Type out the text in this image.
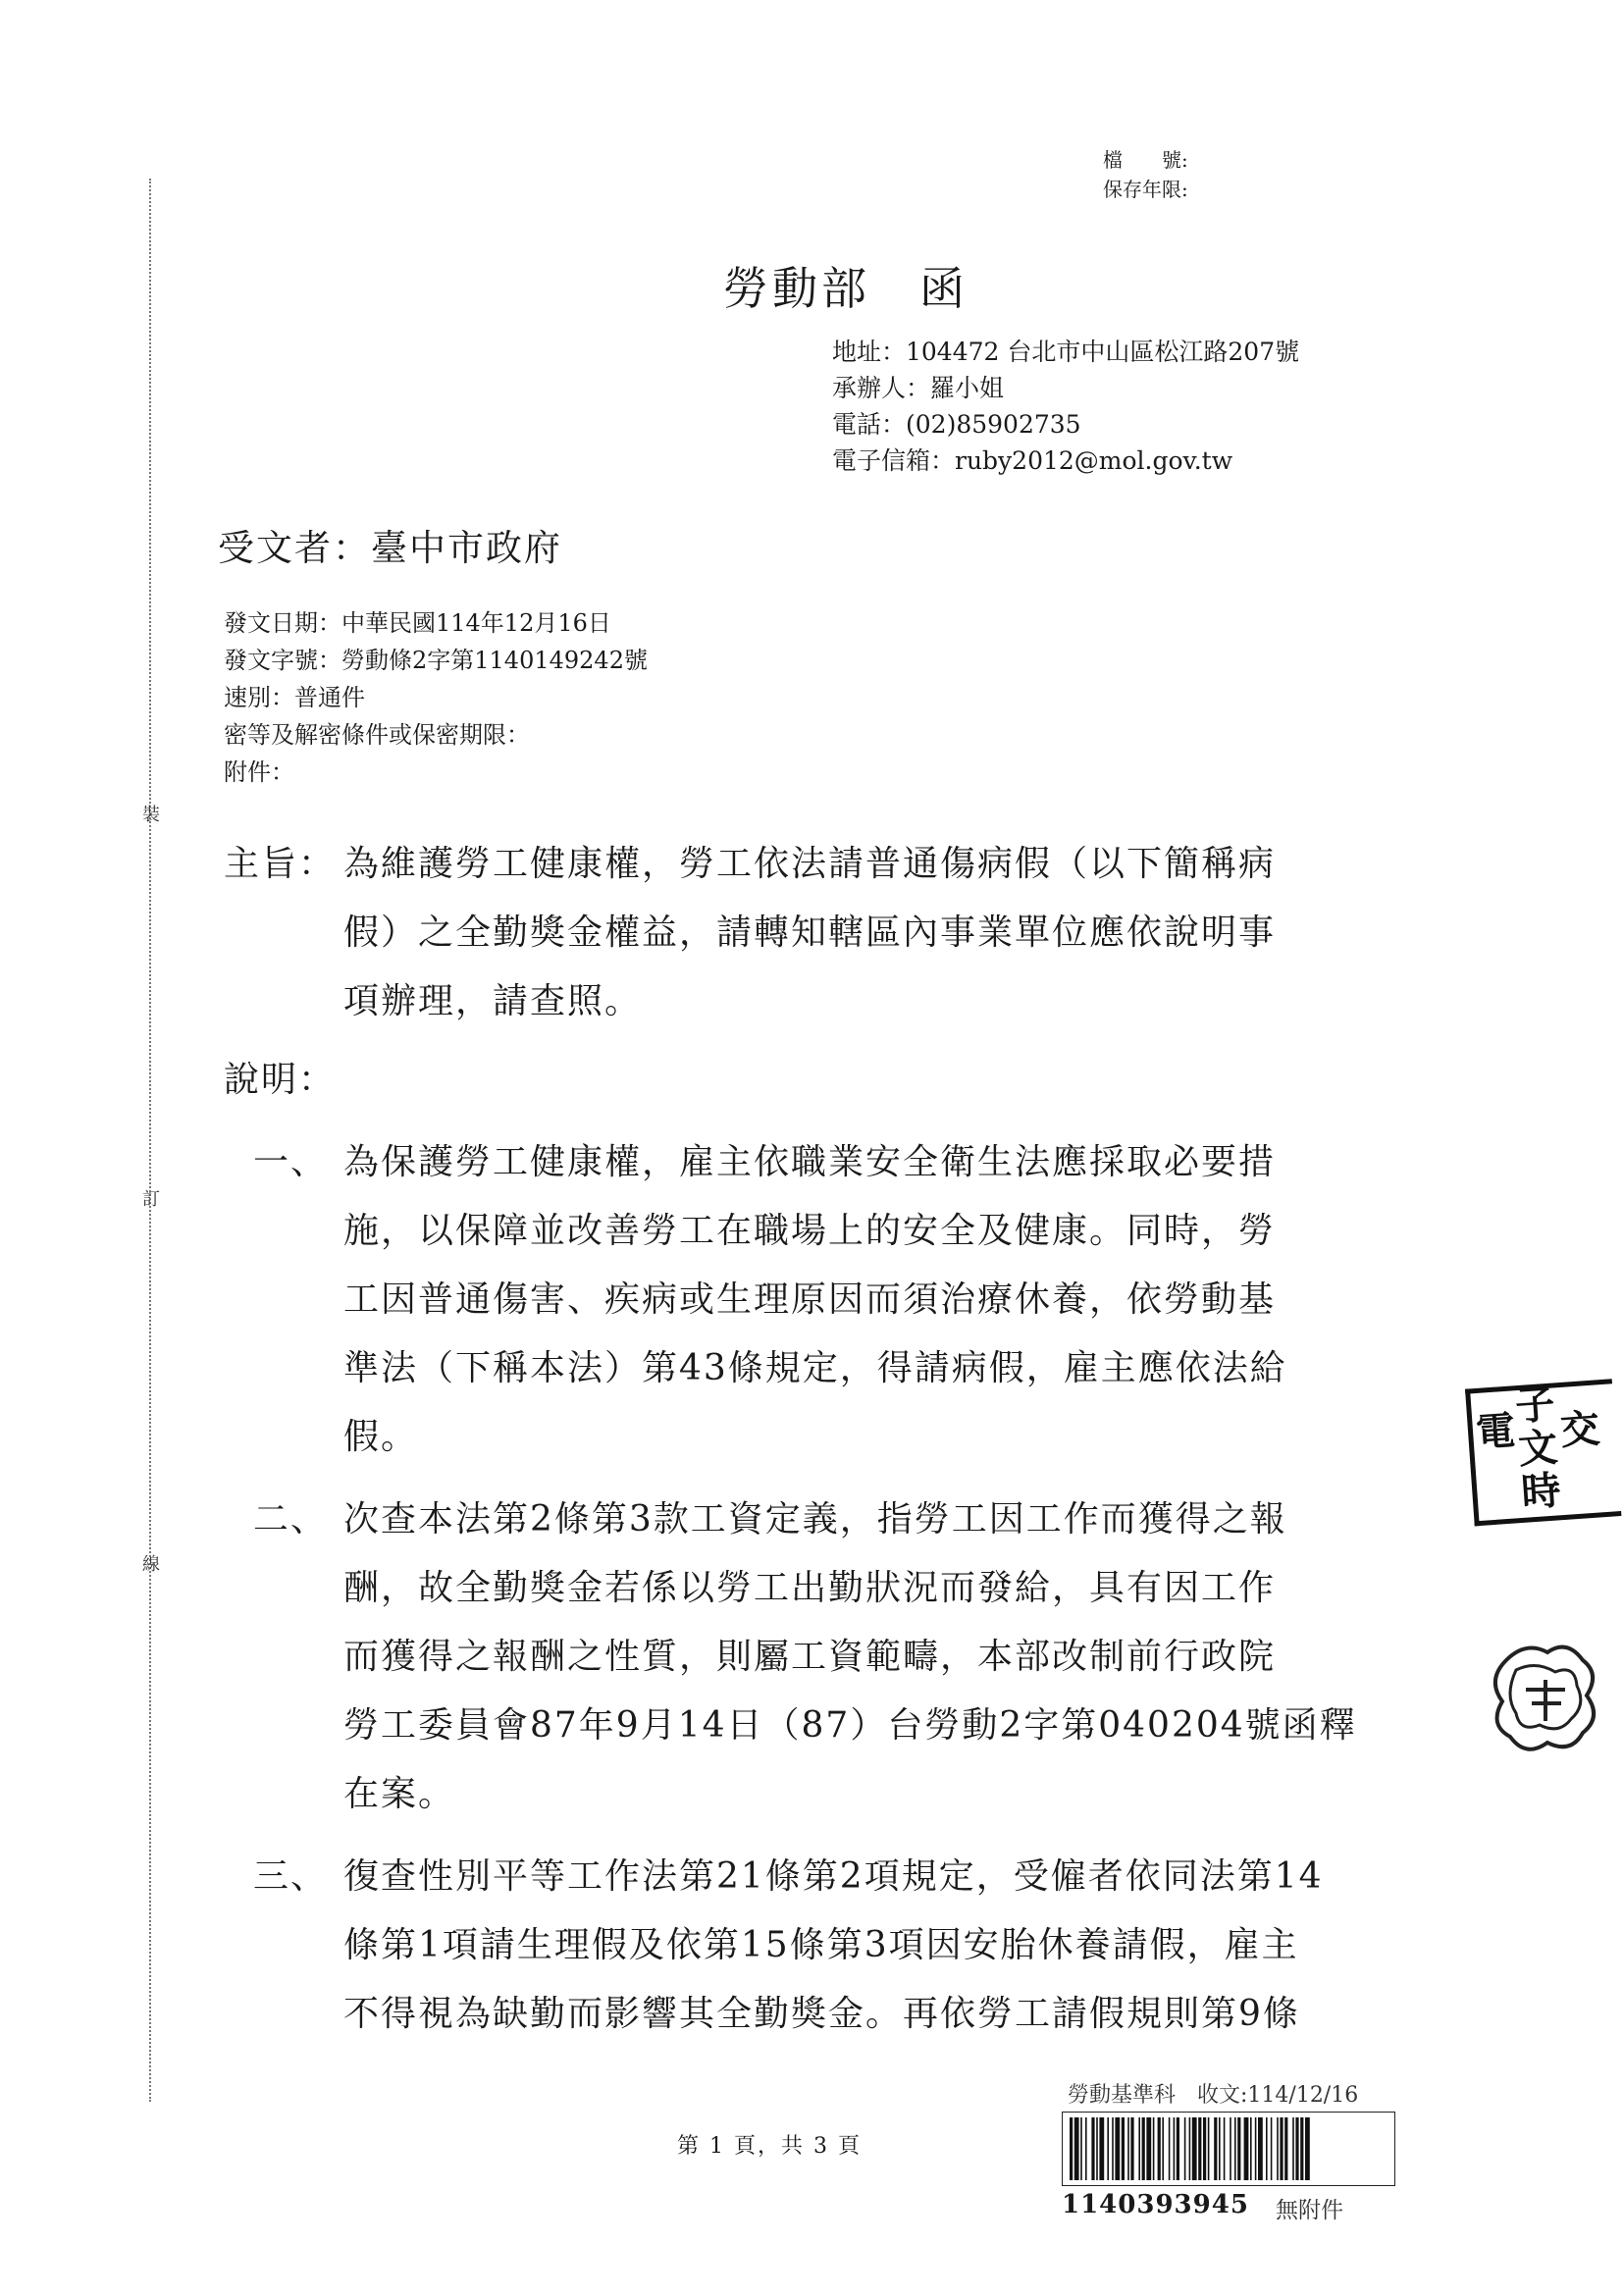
裝
訂
線
檔　　號:
保存年限:
勞動部　函
地址：104472 台北市中山區松江路207號
承辦人：羅小姐
電話：(02)85902735
電子信箱：ruby2012@mol.gov.tw
受文者：臺中市政府
發文日期：中華民國114年12月16日
發文字號：勞動條2字第1140149242號
速別：普通件
密等及解密條件或保密期限：
附件：
主旨： 為維護勞工健康權，勞工依法請普通傷病假（以下簡稱病
假）之全勤獎金權益，請轉知轄區內事業單位應依說明事
項辦理，請查照。
說明：
一、 為保護勞工健康權，雇主依職業安全衛生法應採取必要措
施，以保障並改善勞工在職場上的安全及健康。同時，勞
工因普通傷害、疾病或生理原因而須治療休養，依勞動基
準法（下稱本法）第43條規定，得請病假，雇主應依法給
假。
二、 次查本法第2條第3款工資定義，指勞工因工作而獲得之報
酬，故全勤獎金若係以勞工出勤狀況而發給，具有因工作
而獲得之報酬之性質，則屬工資範疇，本部改制前行政院
勞工委員會87年9月14日（87）台勞動2字第040204號函釋
在案。
三、 復查性別平等工作法第21條第2項規定，受僱者依同法第14
條第1項請生理假及依第15條第3項因安胎休養請假，雇主
不得視為缺勤而影響其全勤獎金。再依勞工請假規則第9條
子
電 交
文
時
第 1 頁，共 3 頁
勞動基準科　收文:114/12/16
1140393945 無附件
